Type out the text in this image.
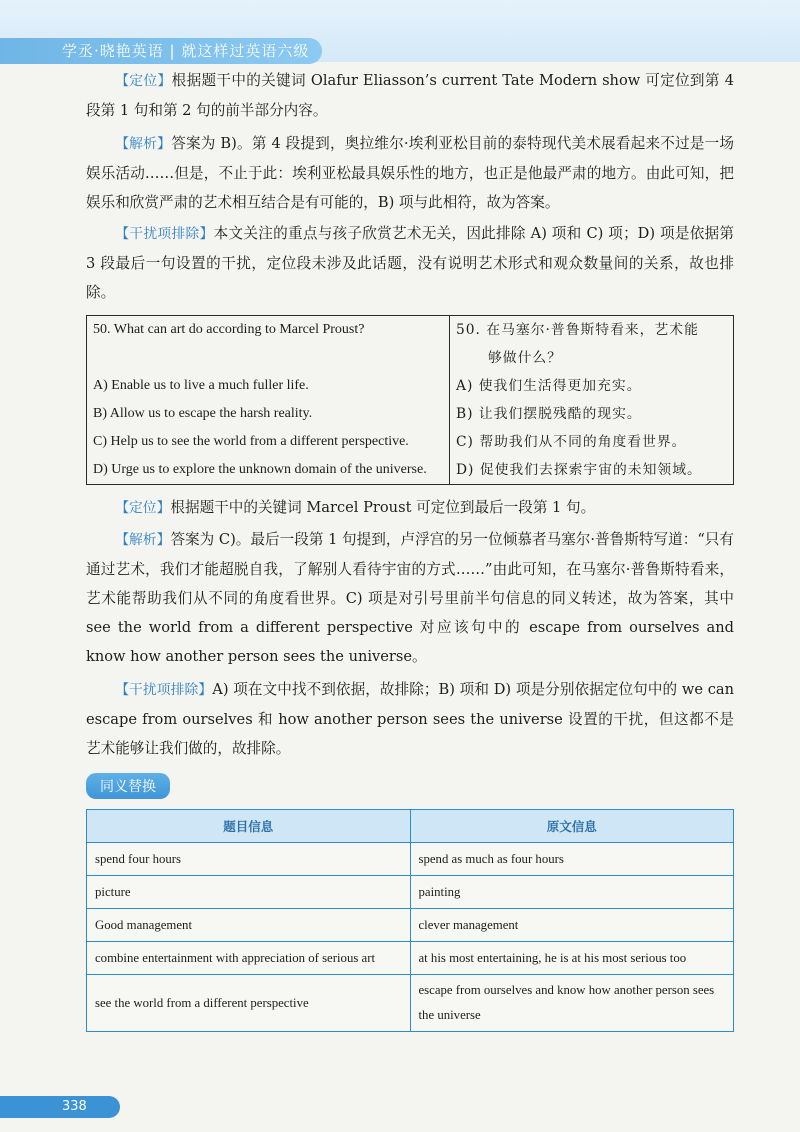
学丞·晓艳英语 | 就这样过英语六级

【定位】根据题干中的关键词 Olafur Eliasson’s current Tate Modern show 可定位到第 4 段第 1 句和第 2 句的前半部分内容。

【解析】答案为 B)。第 4 段提到，奥拉维尔·埃利亚松目前的泰特现代美术展看起来不过是一场娱乐活动……但是，不止于此：埃利亚松最具娱乐性的地方，也正是他最严肃的地方。由此可知，把娱乐和欣赏严肃的艺术相互结合是有可能的，B) 项与此相符，故为答案。

【干扰项排除】本文关注的重点与孩子欣赏艺术无关，因此排除 A) 项和 C) 项；D) 项是依据第 3 段最后一句设置的干扰，定位段未涉及此话题，没有说明艺术形式和观众数量间的关系，故也排除。

50. What can art do according to Marcel Proust?
A) Enable us to live a much fuller life.
B) Allow us to escape the harsh reality.
C) Help us to see the world from a different perspective.
D) Urge us to explore the unknown domain of the universe.

50. 在马塞尔·普鲁斯特看来，艺术能
够做什么？
A) 使我们生活得更加充实。
B) 让我们摆脱残酷的现实。
C) 帮助我们从不同的角度看世界。
D) 促使我们去探索宇宙的未知领域。

【定位】根据题干中的关键词 Marcel Proust 可定位到最后一段第 1 句。

【解析】答案为 C)。最后一段第 1 句提到，卢浮宫的另一位倾慕者马塞尔·普鲁斯特写道：“只有通过艺术，我们才能超脱自我，了解别人看待宇宙的方式……”由此可知，在马塞尔·普鲁斯特看来，艺术能帮助我们从不同的角度看世界。C) 项是对引号里前半句信息的同义转述，故为答案，其中 see the world from a different perspective 对应该句中的 escape from ourselves and know how another person sees the universe。

【干扰项排除】A) 项在文中找不到依据，故排除；B) 项和 D) 项是分别依据定位句中的 we can escape from ourselves 和 how another person sees the universe 设置的干扰，但这都不是艺术能够让我们做的，故排除。

同义替换
题目信息	原文信息
spend four hours	spend as much as four hours
picture	painting
Good management	clever management
combine entertainment with appreciation of serious art	at his most entertaining, he is at his most serious too
see the world from a different perspective	escape from ourselves and know how another person sees the universe
338
